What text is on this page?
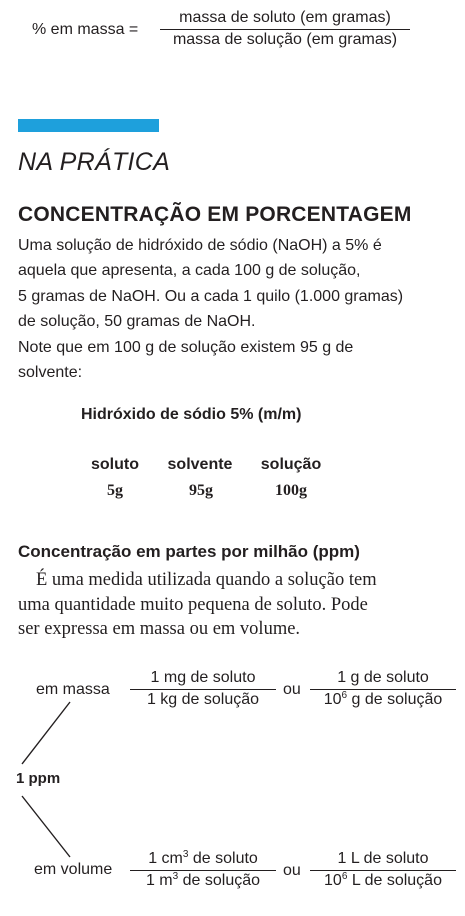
% em massa =
massa de soluto (em gramas)
massa de solução (em gramas)
NA PRÁTICA
CONCENTRAÇÃO EM PORCENTAGEM
Uma solução de hidróxido de sódio (NaOH) a 5% é
aquela que apresenta, a cada 100 g de solução,
5 gramas de NaOH. Ou a cada 1 quilo (1.000 gramas)
de solução, 50 gramas de NaOH.
Note que em 100 g de solução existem 95 g de
solvente:
Hidróxido de sódio 5% (m/m)
soluto	solvente	solução
5g	95g	100g
Concentração em partes por milhão (ppm)
É uma medida utilizada quando a solução tem
uma quantidade muito pequena de soluto. Pode
ser expressa em massa ou em volume.
1 ppm
em massa
1 mg de soluto
1 kg de solução
ou
1 g de soluto
$10^6$ g de solução
em volume
1 $cm^3$ de soluto
1 $m^3$ de solução
ou
1 L de soluto
$10^6$ L de solução
